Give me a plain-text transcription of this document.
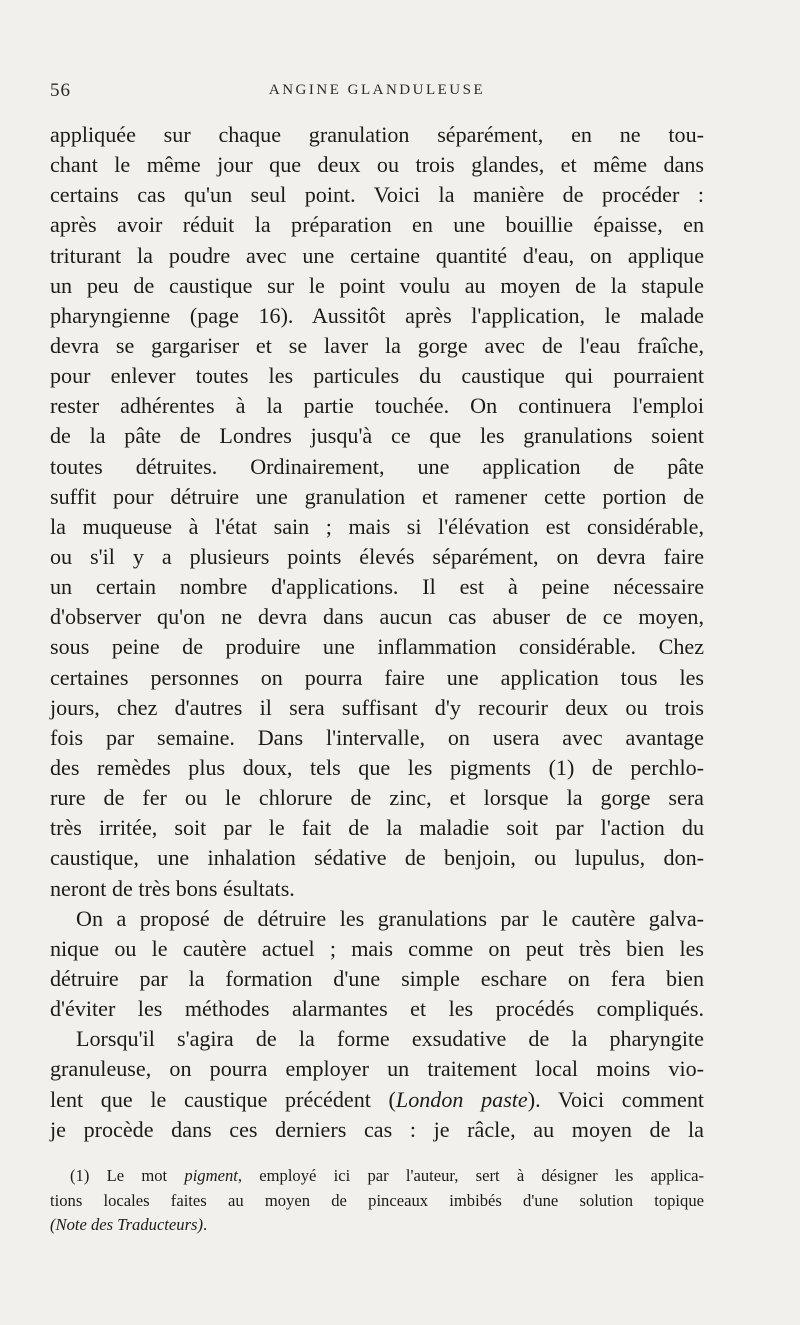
56	ANGINE GLANDULEUSE
appliquée sur chaque granulation séparément, en ne tou-
chant le même jour que deux ou trois glandes, et même dans
certains cas qu'un seul point. Voici la manière de procéder :
après avoir réduit la préparation en une bouillie épaisse, en
triturant la poudre avec une certaine quantité d'eau, on applique
un peu de caustique sur le point voulu au moyen de la stapule
pharyngienne (page 16). Aussitôt après l'application, le malade
devra se gargariser et se laver la gorge avec de l'eau fraîche,
pour enlever toutes les particules du caustique qui pourraient
rester adhérentes à la partie touchée. On continuera l'emploi
de la pâte de Londres jusqu'à ce que les granulations soient
toutes détruites. Ordinairement, une application de pâte
suffit pour détruire une granulation et ramener cette portion de
la muqueuse à l'état sain ; mais si l'élévation est considérable,
ou s'il y a plusieurs points élevés séparément, on devra faire
un certain nombre d'applications. Il est à peine nécessaire
d'observer qu'on ne devra dans aucun cas abuser de ce moyen,
sous peine de produire une inflammation considérable. Chez
certaines personnes on pourra faire une application tous les
jours, chez d'autres il sera suffisant d'y recourir deux ou trois
fois par semaine. Dans l'intervalle, on usera avec avantage
des remèdes plus doux, tels que les pigments (1) de perchlo-
rure de fer ou le chlorure de zinc, et lorsque la gorge sera
très irritée, soit par le fait de la maladie soit par l'action du
caustique, une inhalation sédative de benjoin, ou lupulus, don-
neront de très bons ésultats.
On a proposé de détruire les granulations par le cautère galva-
nique ou le cautère actuel ; mais comme on peut très bien les
détruire par la formation d'une simple eschare on fera bien
d'éviter les méthodes alarmantes et les procédés compliqués.
Lorsqu'il s'agira de la forme exsudative de la pharyngite
granuleuse, on pourra employer un traitement local moins vio-
lent que le caustique précédent (London paste). Voici comment
je procède dans ces derniers cas : je râcle, au moyen de la
(1) Le mot pigment, employé ici par l'auteur, sert à désigner les applica-
tions locales faites au moyen de pinceaux imbibés d'une solution topique
(Note des Traducteurs).
